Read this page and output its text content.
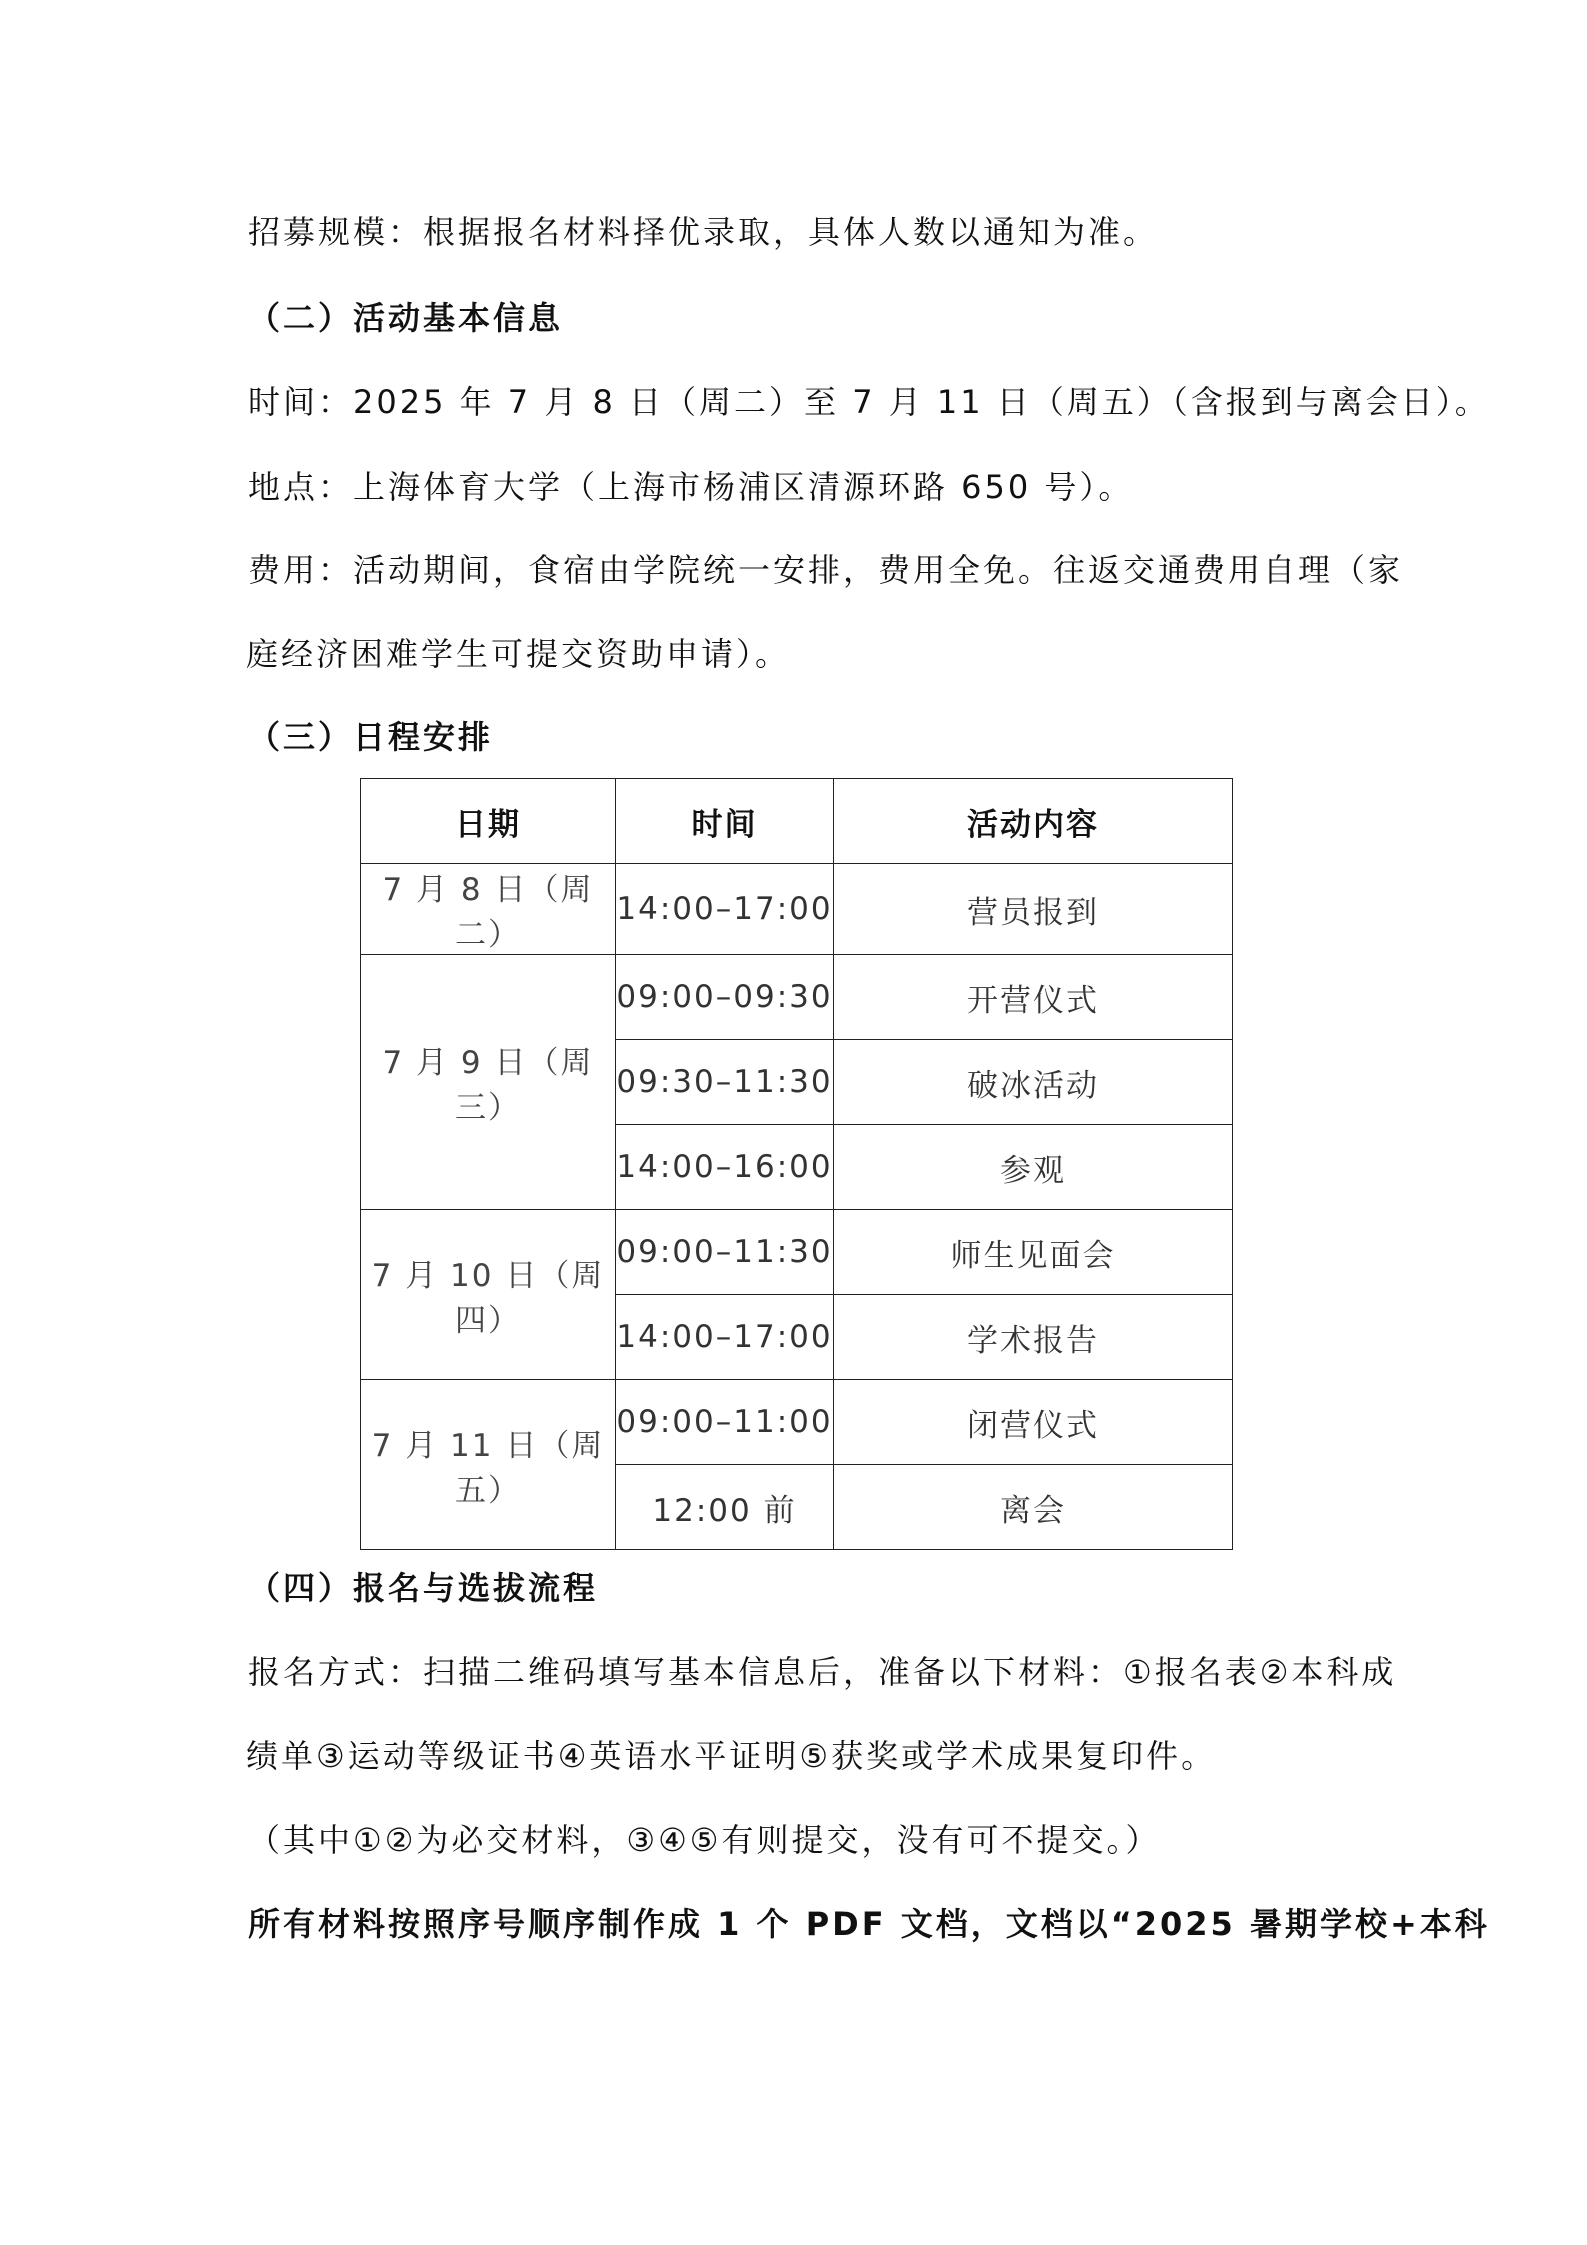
招募规模：根据报名材料择优录取，具体人数以通知为准。

（二）活动基本信息

时间：2025 年 7 月 8 日（周二）至 7 月 11 日（周五）（含报到与离会日）。

地点：上海体育大学（上海市杨浦区清源环路 650 号）。

费用：活动期间，食宿由学院统一安排，费用全免。往返交通费用自理（家

庭经济困难学生可提交资助申请）。

（三）日程安排

日期	时间	活动内容
7 月 8 日（周二）	14:00–17:00	营员报到
7 月 9 日（周三）	09:00–09:30	开营仪式
	09:30–11:30	破冰活动
	14:00–16:00	参观
7 月 10 日（周四）	09:00–11:30	师生见面会
	14:00–17:00	学术报告
7 月 11 日（周五）	09:00–11:00	闭营仪式
	12:00 前	离会

（四）报名与选拔流程

报名方式：扫描二维码填写基本信息后，准备以下材料：①报名表②本科成

绩单③运动等级证书④英语水平证明⑤获奖或学术成果复印件。

（其中①②为必交材料，③④⑤有则提交，没有可不提交。）

所有材料按照序号顺序制作成 1 个 PDF 文档，文档以“2025 暑期学校+本科
